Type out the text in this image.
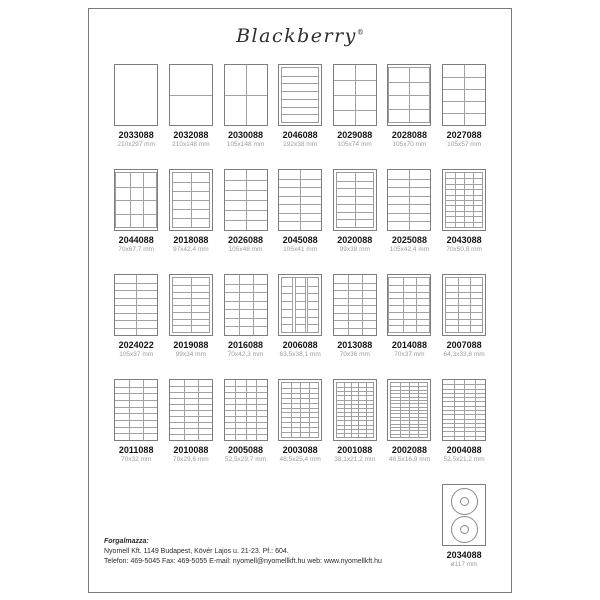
Blackberry®
2033088
210x297 mm
2032088
210x148 mm
2030088
105x148 mm
2046088
192x38 mm
2029088
105x74 mm
2028088
105x70 mm
2027088
105x57 mm
2044088
70x67,7 mm
2018088
97x42,4 mm
2026088
105x48 mm
2045088
105x41 mm
2020088
99x38 mm
2025088
105x42,4 mm
2043088
70x50,8 mm
2024022
105x37 mm
2019088
99x34 mm
2016088
70x42,3 mm
2006088
63,5x38,1 mm
2013088
70x36 mm
2014088
70x37 mm
2007088
64,3x33,8 mm
2011088
70x32 mm
2010088
70x29,6 mm
2005088
52,5x29,7 mm
2003088
48,5x25,4 mm
2001088
38,1x21,2 mm
2002088
48,5x16,9 mm
2004088
52,5x21,2 mm
2034088
ø117 mm
Forgalmazza:
Nyomell Kft. 1149 Budapest, Kövér Lajos u. 21-23. Pf.: 604.
Telefon: 469-5045 Fax: 469-5055 E-mail: nyomell@nyomellkft.hu web: www.nyomellkft.hu
